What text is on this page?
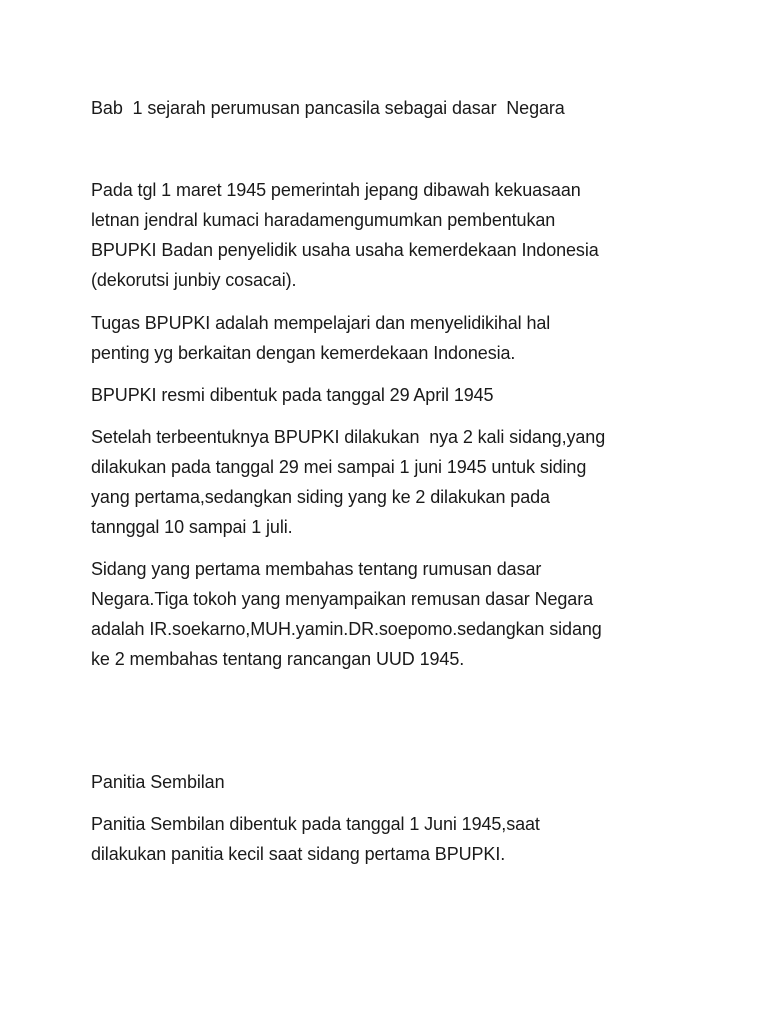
Bab  1 sejarah perumusan pancasila sebagai dasar  Negara
Pada tgl 1 maret 1945 pemerintah jepang dibawah kekuasaan
letnan jendral kumaci haradamengumumkan pembentukan
BPUPKI Badan penyelidik usaha usaha kemerdekaan Indonesia
(dekorutsi junbiy cosacai).
Tugas BPUPKI adalah mempelajari dan menyelidikihal hal
penting yg berkaitan dengan kemerdekaan Indonesia.
BPUPKI resmi dibentuk pada tanggal 29 April 1945
Setelah terbeentuknya BPUPKI dilakukan  nya 2 kali sidang,yang
dilakukan pada tanggal 29 mei sampai 1 juni 1945 untuk siding
yang pertama,sedangkan siding yang ke 2 dilakukan pada
tannggal 10 sampai 1 juli.
Sidang yang pertama membahas tentang rumusan dasar
Negara.Tiga tokoh yang menyampaikan remusan dasar Negara
adalah IR.soekarno,MUH.yamin.DR.soepomo.sedangkan sidang
ke 2 membahas tentang rancangan UUD 1945.
Panitia Sembilan
Panitia Sembilan dibentuk pada tanggal 1 Juni 1945,saat
dilakukan panitia kecil saat sidang pertama BPUPKI.
